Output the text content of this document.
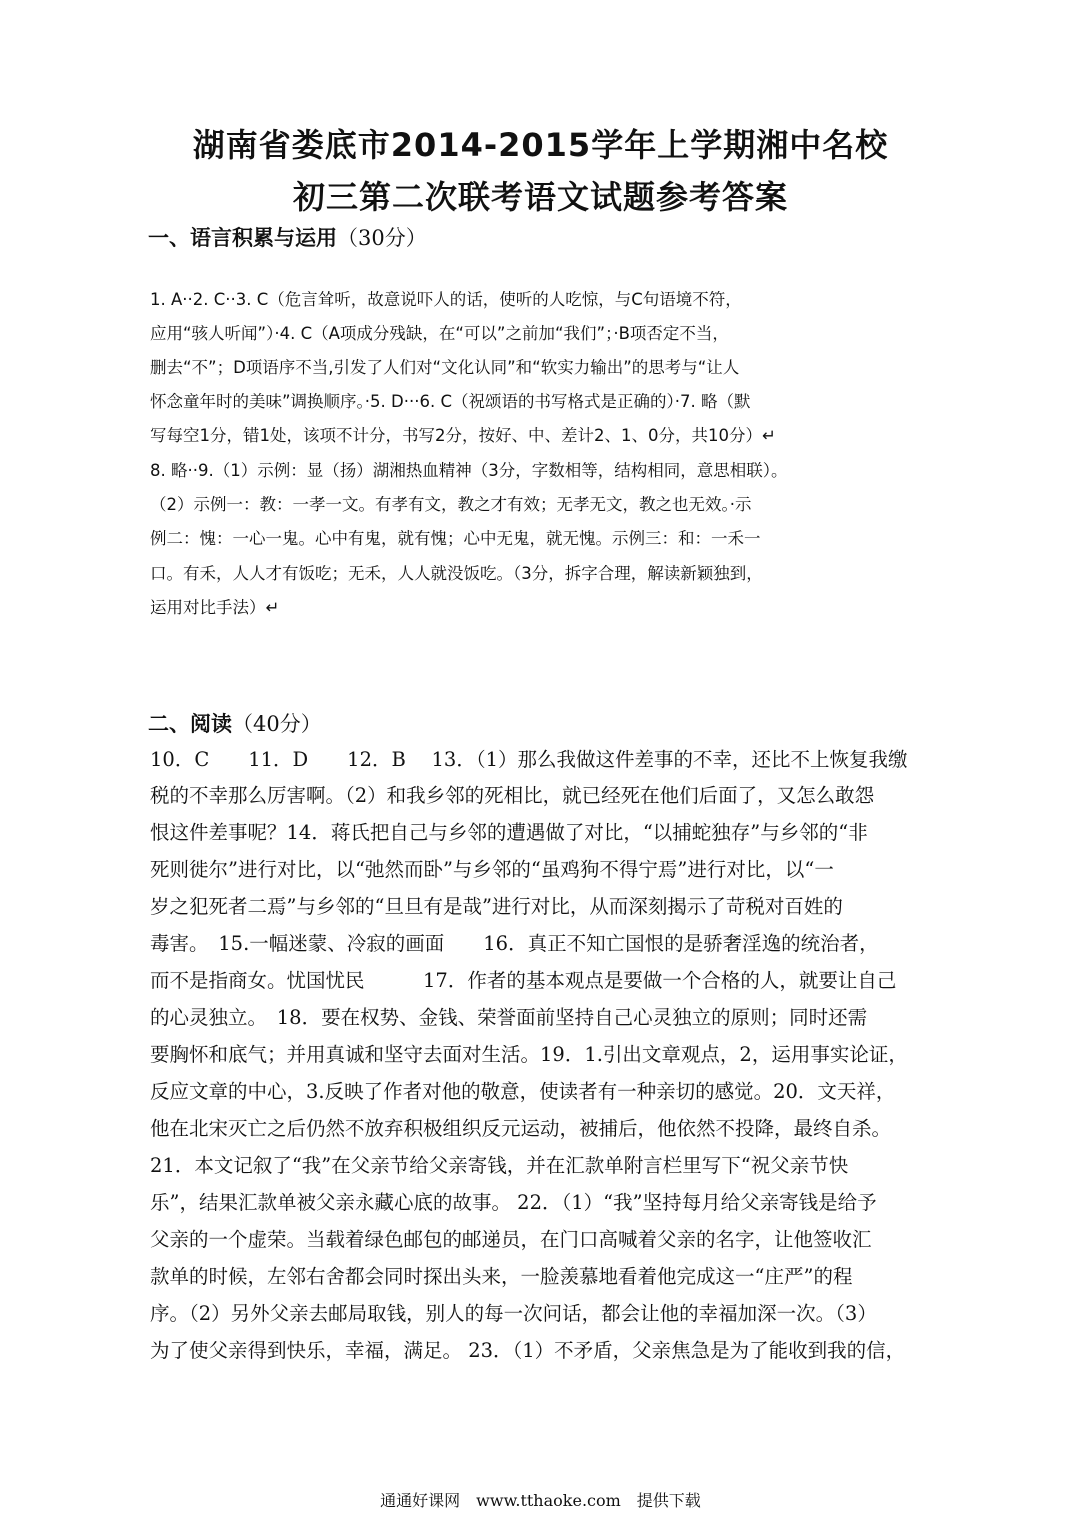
湖南省娄底市2014-2015学年上学期湘中名校
初三第二次联考语文试题参考答案
一、语言积累与运用（30分）
1. A··2. C··3. C（危言耸听，故意说吓人的话，使听的人吃惊，与C句语境不符，
应用“骇人听闻”）·4. C（A项成分残缺，在“可以”之前加“我们”；·B项否定不当，
删去“不”；D项语序不当,引发了人们对“文化认同”和“软实力输出”的思考与“让人
怀念童年时的美味”调换顺序。·5. D···6. C（祝颂语的书写格式是正确的）·7. 略（默
写每空1分，错1处，该项不计分，书写2分，按好、中、差计2、1、0分，共10分）↵
8. 略··9.（1）示例：显（扬）湖湘热血精神（3分，字数相等，结构相同，意思相联）。
（2）示例一：教：一孝一文。有孝有文，教之才有效；无孝无文，教之也无效。·示
例二：愧：一心一鬼。心中有鬼，就有愧；心中无鬼，就无愧。示例三：和：一禾一
口。有禾，人人才有饭吃；无禾，人人就没饭吃。（3分，拆字合理，解读新颖独到，
运用对比手法）↵
二、阅读（40分）
10．C　　11．D　　12．B　 13．（1）那么我做这件差事的不幸，还比不上恢复我缴
税的不幸那么厉害啊。（2）和我乡邻的死相比，就已经死在他们后面了，又怎么敢怨
恨这件差事呢？14．蒋氏把自己与乡邻的遭遇做了对比，“以捕蛇独存”与乡邻的“非
死则徙尔”进行对比，以“弛然而卧”与乡邻的“虽鸡狗不得宁焉”进行对比，以“一
岁之犯死者二焉”与乡邻的“旦旦有是哉”进行对比，从而深刻揭示了苛税对百姓的
毒害。　15.一幅迷蒙、冷寂的画面　　16．真正不知亡国恨的是骄奢淫逸的统治者，
而不是指商女。忧国忧民　　　17．作者的基本观点是要做一个合格的人，就要让自己
的心灵独立。　18．要在权势、金钱、荣誉面前坚持自己心灵独立的原则；同时还需
要胸怀和底气；并用真诚和坚守去面对生活。19．1.引出文章观点，2，运用事实论证，
反应文章的中心，3.反映了作者对他的敬意，使读者有一种亲切的感觉。20．文天祥，
他在北宋灭亡之后仍然不放弃积极组织反元运动，被捕后，他依然不投降，最终自杀。
21．本文记叙了“我”在父亲节给父亲寄钱，并在汇款单附言栏里写下“祝父亲节快
乐”，结果汇款单被父亲永藏心底的故事。 22．（1）“我”坚持每月给父亲寄钱是给予
父亲的一个虚荣。当载着绿色邮包的邮递员，在门口高喊着父亲的名字，让他签收汇
款单的时候，左邻右舍都会同时探出头来，一脸羡慕地看着他完成这一“庄严”的程
序。（2）另外父亲去邮局取钱，别人的每一次问话，都会让他的幸福加深一次。（3）
为了使父亲得到快乐，幸福，满足。 23．（1）不矛盾，父亲焦急是为了能收到我的信，
通通好课网　www.tthaoke.com　提供下载
